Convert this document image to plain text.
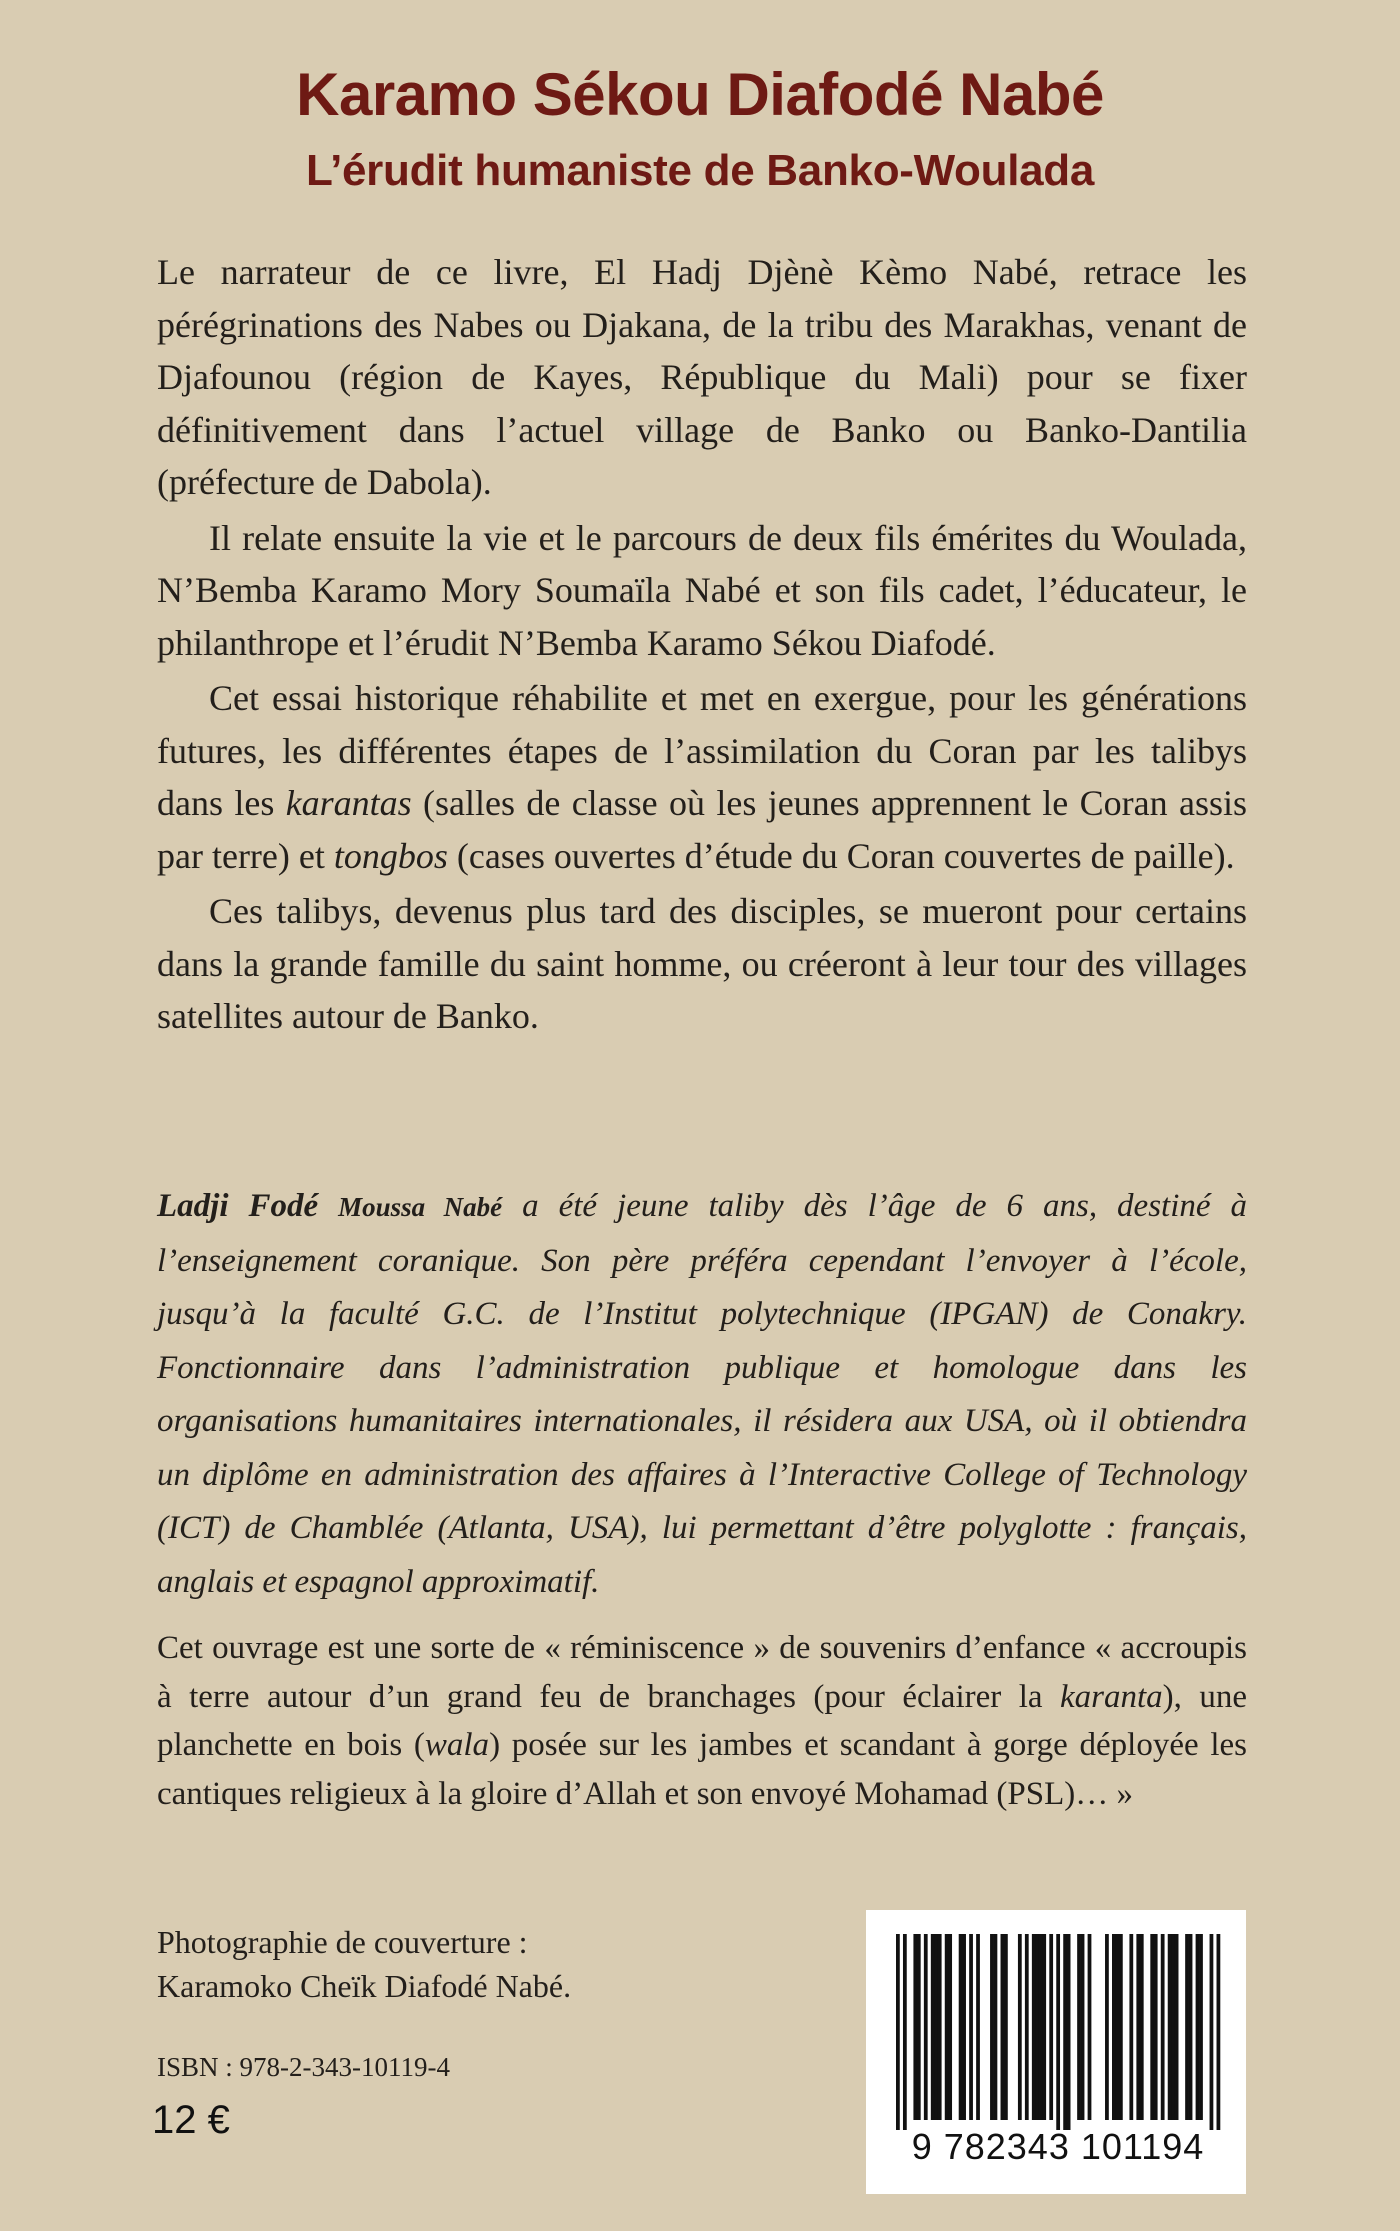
Karamo Sékou Diafodé Nabé
L’érudit humaniste de Banko-Woulada

Le narrateur de ce livre, El Hadj Djènè Kèmo Nabé, retrace les pérégrinations des Nabes ou Djakana, de la tribu des Marakhas, venant de Djafounou (région de Kayes, République du Mali) pour se fixer définitivement dans l’actuel village de Banko ou Banko-Dantilia (préfecture de Dabola).

Il relate ensuite la vie et le parcours de deux fils émérites du Woulada, N’Bemba Karamo Mory Soumaïla Nabé et son fils cadet, l’éducateur, le philanthrope et l’érudit N’Bemba Karamo Sékou Diafodé.

Cet essai historique réhabilite et met en exergue, pour les générations futures, les différentes étapes de l’assimilation du Coran par les talibys dans les karantas (salles de classe où les jeunes apprennent le Coran assis par terre) et tongbos (cases ouvertes d’étude du Coran couvertes de paille).

Ces talibys, devenus plus tard des disciples, se mueront pour certains dans la grande famille du saint homme, ou créeront à leur tour des villages satellites autour de Banko.

Ladji Fodé Moussa Nabé a été jeune taliby dès l’âge de 6 ans, destiné à l’enseignement coranique. Son père préféra cependant l’envoyer à l’école, jusqu’à la faculté G.C. de l’Institut polytechnique (IPGAN) de Conakry. Fonctionnaire dans l’administration publique et homologue dans les organisations humanitaires internationales, il résidera aux USA, où il obtiendra un diplôme en administration des affaires à l’Interactive College of Technology (ICT) de Chamblée (Atlanta, USA), lui permettant d’être polyglotte : français, anglais et espagnol approximatif.

Cet ouvrage est une sorte de « réminiscence » de souvenirs d’enfance « accroupis à terre autour d’un grand feu de branchages (pour éclairer la karanta), une planchette en bois (wala) posée sur les jambes et scandant à gorge déployée les cantiques religieux à la gloire d’Allah et son envoyé Mohamad (PSL)… »

Photographie de couverture :
Karamoko Cheïk Diafodé Nabé.
ISBN : 978-2-343-10119-4
12 €
9 782343 101194
